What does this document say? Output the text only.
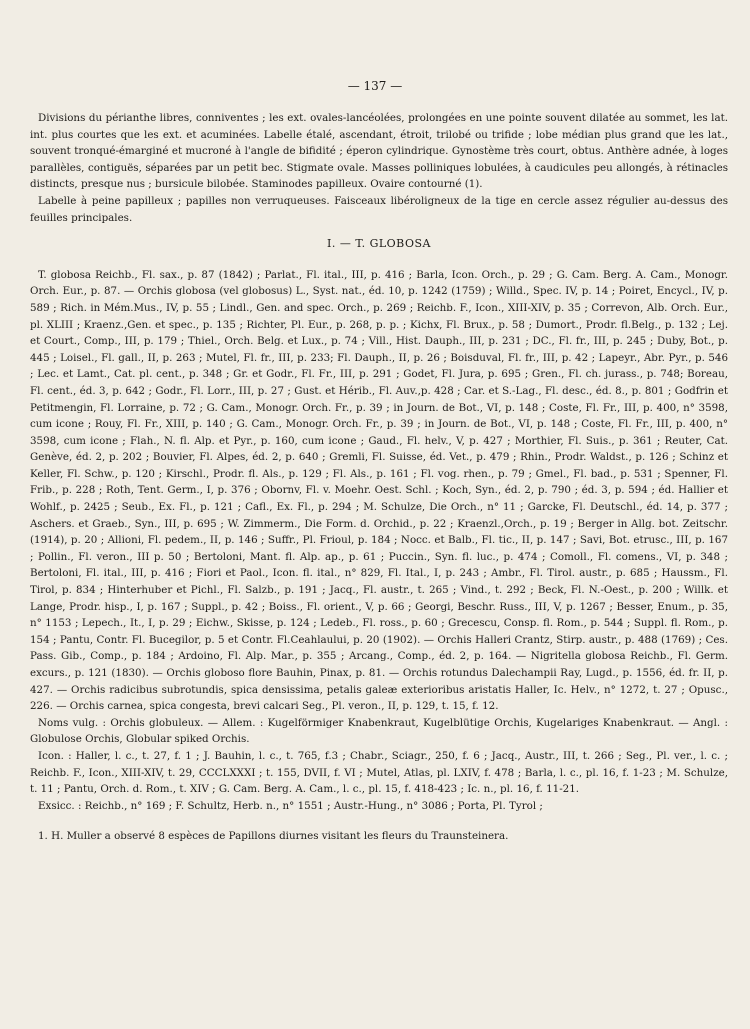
— 137 —

Divisions du périanthe libres, conniventes ; les ext. ovales-lancéolées, prolongées en une pointe souvent dilatée au sommet, les lat. int. plus courtes que les ext. et acuminées. Labelle étalé, ascendant, étroit, trilobé ou trifide ; lobe médian plus grand que les lat., souvent tronqué-émarginé et mucroné à l'angle de bifidité ; éperon cylindrique. Gynostème très court, obtus. Anthère adnée, à loges parallèles, contiguës, séparées par un petit bec. Stigmate ovale. Masses polliniques lobulées, à caudicules peu allongés, à rétinacles distincts, presque nus ; bursicule bilobée. Staminodes papilleux. Ovaire contourné (1).

Labelle à peine papilleux ; papilles non verruqueuses. Faisceaux libéroligneux de la tige en cercle assez régulier au-dessus des feuilles principales.

I. — T. GLOBOSA

T. globosa Reichb., Fl. sax., p. 87 (1842) ; Parlat., Fl. ital., III, p. 416 ; Barla, Icon. Orch., p. 29 ; G. Cam. Berg. A. Cam., Monogr. Orch. Eur., p. 87. — Orchis globosa (vel globosus) L., Syst. nat., éd. 10, p. 1242 (1759) ; Willd., Spec. IV, p. 14 ; Poiret, Encycl., IV, p. 589 ; Rich. in Mém.Mus., IV, p. 55 ; Lindl., Gen. and spec. Orch., p. 269 ; Reichb. F., Icon., XIII-XIV, p. 35 ; Correvon, Alb. Orch. Eur., pl. XLIII ; Kraenz.,Gen. et spec., p. 135 ; Richter, Pl. Eur., p. 268, p. p. ; Kichx, Fl. Brux., p. 58 ; Dumort., Prodr. fl.Belg., p. 132 ; Lej. et Court., Comp., III, p. 179 ; Thiel., Orch. Belg. et Lux., p. 74 ; Vill., Hist. Dauph., III, p. 231 ; DC., Fl. fr., III, p. 245 ; Duby, Bot., p. 445 ; Loisel., Fl. gall., II, p. 263 ; Mutel, Fl. fr., III, p. 233; Fl. Dauph., II, p. 26 ; Boisduval, Fl. fr., III, p. 42 ; Lapeyr., Abr. Pyr., p. 546 ; Lec. et Lamt., Cat. pl. cent., p. 348 ; Gr. et Godr., Fl. Fr., III, p. 291 ; Godet, Fl. Jura, p. 695 ; Gren., Fl. ch. jurass., p. 748; Boreau, Fl. cent., éd. 3, p. 642 ; Godr., Fl. Lorr., III, p. 27 ; Gust. et Hérib., Fl. Auv.,p. 428 ; Car. et S.-Lag., Fl. desc., éd. 8., p. 801 ; Godfrin et Petitmengin, Fl. Lorraine, p. 72 ; G. Cam., Monogr. Orch. Fr., p. 39 ; in Journ. de Bot., VI, p. 148 ; Coste, Fl. Fr., III, p. 400, n° 3598, cum icone ; Rouy, Fl. Fr., XIII, p. 140 ; G. Cam., Monogr. Orch. Fr., p. 39 ; in Journ. de Bot., VI, p. 148 ; Coste, Fl. Fr., III, p. 400, n° 3598, cum icone ; Flah., N. fl. Alp. et Pyr., p. 160, cum icone ; Gaud., Fl. helv., V, p. 427 ; Morthier, Fl. Suis., p. 361 ; Reuter, Cat. Genève, éd. 2, p. 202 ; Bouvier, Fl. Alpes, éd. 2, p. 640 ; Gremli, Fl. Suisse, éd. Vet., p. 479 ; Rhin., Prodr. Waldst., p. 126 ; Schinz et Keller, Fl. Schw., p. 120 ; Kirschl., Prodr. fl. Als., p. 129 ; Fl. Als., p. 161 ; Fl. vog. rhen., p. 79 ; Gmel., Fl. bad., p. 531 ; Spenner, Fl. Frib., p. 228 ; Roth, Tent. Germ., I, p. 376 ; Obornv, Fl. v. Moehr. Oest. Schl. ; Koch, Syn., éd. 2, p. 790 ; éd. 3, p. 594 ; éd. Hallier et Wohlf., p. 2425 ; Seub., Ex. Fl., p. 121 ; Cafl., Ex. Fl., p. 294 ; M. Schulze, Die Orch., n° 11 ; Garcke, Fl. Deutschl., éd. 14, p. 377 ; Aschers. et Graeb., Syn., III, p. 695 ; W. Zimmerm., Die Form. d. Orchid., p. 22 ; Kraenzl.,Orch., p. 19 ; Berger in Allg. bot. Zeitschr. (1914), p. 20 ; Allioni, Fl. pedem., II, p. 146 ; Suffr., Pl. Frioul, p. 184 ; Nocc. et Balb., Fl. tic., II, p. 147 ; Savi, Bot. etrusc., III, p. 167 ; Pollin., Fl. veron., III p. 50 ; Bertoloni, Mant. fl. Alp. ap., p. 61 ; Puccin., Syn. fl. luc., p. 474 ; Comoll., Fl. comens., VI, p. 348 ; Bertoloni, Fl. ital., III, p. 416 ; Fiori et Paol., Icon. fl. ital., n° 829, Fl. Ital., I, p. 243 ; Ambr., Fl. Tirol. austr., p. 685 ; Haussm., Fl. Tirol, p. 834 ; Hinterhuber et Pichl., Fl. Salzb., p. 191 ; Jacq., Fl. austr., t. 265 ; Vind., t. 292 ; Beck, Fl. N.-Oest., p. 200 ; Willk. et Lange, Prodr. hisp., I, p. 167 ; Suppl., p. 42 ; Boiss., Fl. orient., V, p. 66 ; Georgi, Beschr. Russ., III, V, p. 1267 ; Besser, Enum., p. 35, n° 1153 ; Lepech., It., I, p. 29 ; Eichw., Skisse, p. 124 ; Ledeb., Fl. ross., p. 60 ; Grecescu, Consp. fl. Rom., p. 544 ; Suppl. fl. Rom., p. 154 ; Pantu, Contr. Fl. Bucegilor, p. 5 et Contr. Fl.Ceahlaului, p. 20 (1902). — Orchis Halleri Crantz, Stirp. austr., p. 488 (1769) ; Ces. Pass. Gib., Comp., p. 184 ; Ardoino, Fl. Alp. Mar., p. 355 ; Arcang., Comp., éd. 2, p. 164. — Nigritella globosa Reichb., Fl. Germ. excurs., p. 121 (1830). — Orchis globoso flore Bauhin, Pinax, p. 81. — Orchis rotundus Dalechampii Ray, Lugd., p. 1556, éd. fr. II, p. 427. — Orchis radicibus subrotundis, spica densissima, petalis galeæ exterioribus aristatis Haller, Ic. Helv., n° 1272, t. 27 ; Opusc., 226. — Orchis carnea, spica congesta, brevi calcari Seg., Pl. veron., II, p. 129, t. 15, f. 12.

Noms vulg. : Orchis globuleux. — Allem. : Kugelförmiger Knabenkraut, Kugelblütige Orchis, Kugelariges Knabenkraut. — Angl. : Globulose Orchis, Globular spiked Orchis.

Icon. : Haller, l. c., t. 27, f. 1 ; J. Bauhin, l. c., t. 765, f.3 ; Chabr., Sciagr., 250, f. 6 ; Jacq., Austr., III, t. 266 ; Seg., Pl. ver., l. c. ; Reichb. F., Icon., XIII-XIV, t. 29, CCCLXXXI ; t. 155, DVII, f. VI ; Mutel, Atlas, pl. LXIV, f. 478 ; Barla, l. c., pl. 16, f. 1-23 ; M. Schulze, t. 11 ; Pantu, Orch. d. Rom., t. XIV ; G. Cam. Berg. A. Cam., l. c., pl. 15, f. 418-423 ; Ic. n., pl. 16, f. 11-21.

Exsicc. : Reichb., n° 169 ; F. Schultz, Herb. n., n° 1551 ; Austr.-Hung., n° 3086 ; Porta, Pl. Tyrol ;

1. H. Muller a observé 8 espèces de Papillons diurnes visitant les fleurs du Traunsteinera.
